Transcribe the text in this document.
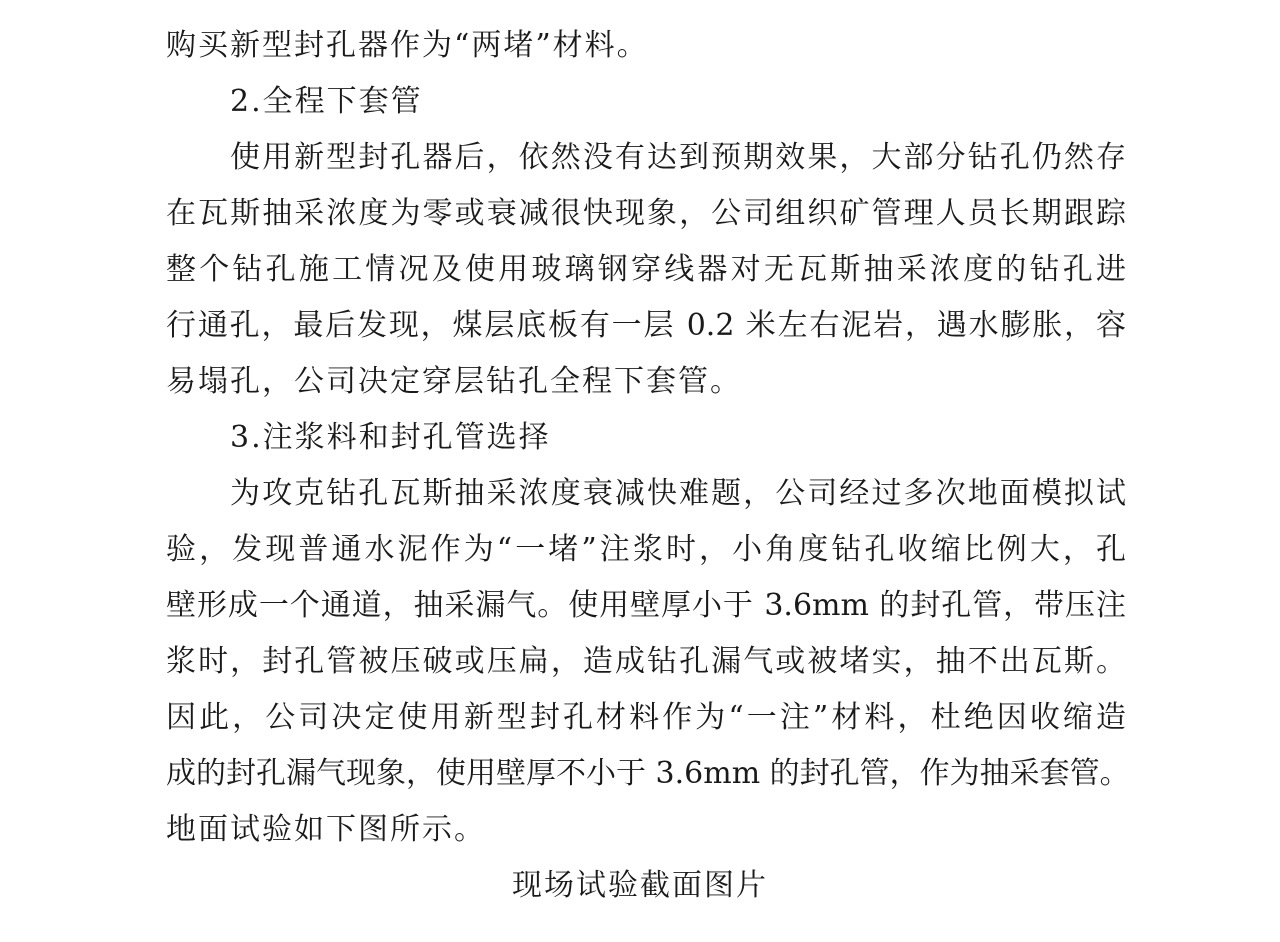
购买新型封孔器作为“两堵”材料。
2.全程下套管
使用新型封孔器后，依然没有达到预期效果，大部分钻孔仍然存
在瓦斯抽采浓度为零或衰减很快现象，公司组织矿管理人员长期跟踪
整个钻孔施工情况及使用玻璃钢穿线器对无瓦斯抽采浓度的钻孔进
行通孔，最后发现，煤层底板有一层 0.2 米左右泥岩，遇水膨胀，容
易塌孔，公司决定穿层钻孔全程下套管。
3.注浆料和封孔管选择
为攻克钻孔瓦斯抽采浓度衰减快难题，公司经过多次地面模拟试
验，发现普通水泥作为“一堵”注浆时，小角度钻孔收缩比例大，孔
壁形成一个通道，抽采漏气。使用壁厚小于 3.6mm 的封孔管，带压注
浆时，封孔管被压破或压扁，造成钻孔漏气或被堵实，抽不出瓦斯。
因此，公司决定使用新型封孔材料作为“一注”材料，杜绝因收缩造
成的封孔漏气现象，使用壁厚不小于 3.6mm 的封孔管，作为抽采套管。
地面试验如下图所示。
现场试验截面图片
